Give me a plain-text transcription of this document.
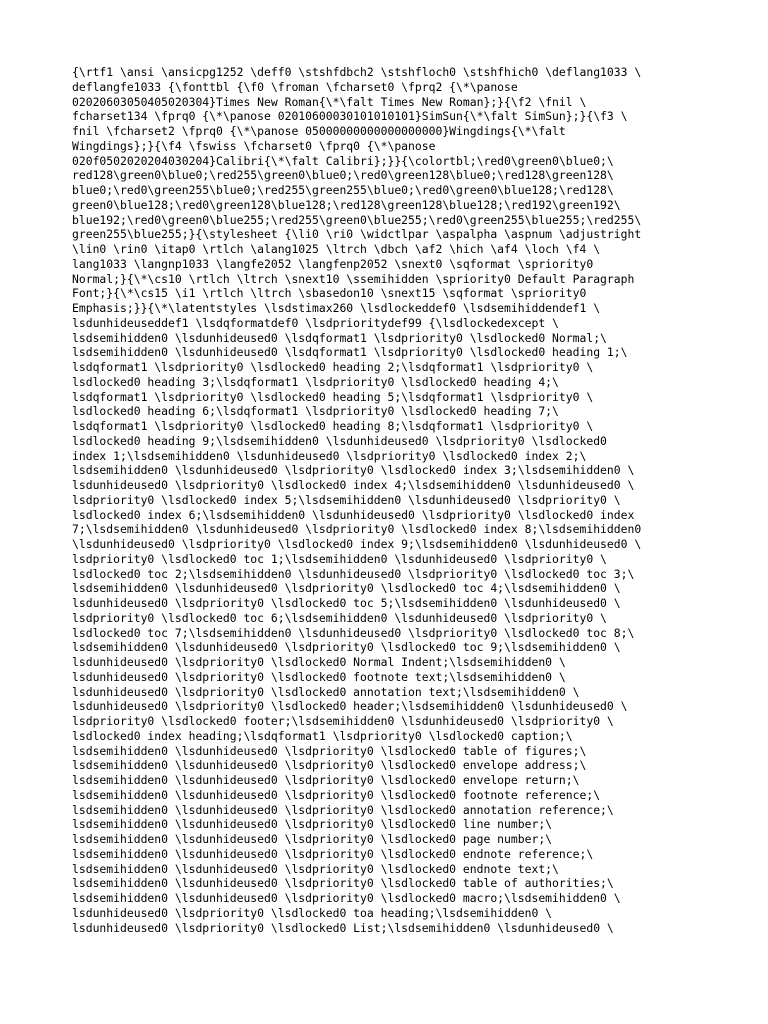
{\rtf1 \ansi \ansicpg1252 \deff0 \stshfdbch2 \stshfloch0 \stshfhich0 \deflang1033 \
deflangfe1033 {\fonttbl {\f0 \froman \fcharset0 \fprq2 {\*\panose
02020603050405020304}Times New Roman{\*\falt Times New Roman};}{\f2 \fnil \
fcharset134 \fprq0 {\*\panose 02010600030101010101}SimSun{\*\falt SimSun};}{\f3 \
fnil \fcharset2 \fprq0 {\*\panose 05000000000000000000}Wingdings{\*\falt
Wingdings};}{\f4 \fswiss \fcharset0 \fprq0 {\*\panose
020f0502020204030204}Calibri{\*\falt Calibri};}}{\colortbl;\red0\green0\blue0;\
red128\green0\blue0;\red255\green0\blue0;\red0\green128\blue0;\red128\green128\
blue0;\red0\green255\blue0;\red255\green255\blue0;\red0\green0\blue128;\red128\
green0\blue128;\red0\green128\blue128;\red128\green128\blue128;\red192\green192\
blue192;\red0\green0\blue255;\red255\green0\blue255;\red0\green255\blue255;\red255\
green255\blue255;}{\stylesheet {\li0 \ri0 \widctlpar \aspalpha \aspnum \adjustright
\lin0 \rin0 \itap0 \rtlch \alang1025 \ltrch \dbch \af2 \hich \af4 \loch \f4 \
lang1033 \langnp1033 \langfe2052 \langfenp2052 \snext0 \sqformat \spriority0
Normal;}{\*\cs10 \rtlch \ltrch \snext10 \ssemihidden \spriority0 Default Paragraph
Font;}{\*\cs15 \i1 \rtlch \ltrch \sbasedon10 \snext15 \sqformat \spriority0
Emphasis;}}{\*\latentstyles \lsdstimax260 \lsdlockeddef0 \lsdsemihiddendef1 \
lsdunhideuseddef1 \lsdqformatdef0 \lsdprioritydef99 {\lsdlockedexcept \
lsdsemihidden0 \lsdunhideused0 \lsdqformat1 \lsdpriority0 \lsdlocked0 Normal;\
lsdsemihidden0 \lsdunhideused0 \lsdqformat1 \lsdpriority0 \lsdlocked0 heading 1;\
lsdqformat1 \lsdpriority0 \lsdlocked0 heading 2;\lsdqformat1 \lsdpriority0 \
lsdlocked0 heading 3;\lsdqformat1 \lsdpriority0 \lsdlocked0 heading 4;\
lsdqformat1 \lsdpriority0 \lsdlocked0 heading 5;\lsdqformat1 \lsdpriority0 \
lsdlocked0 heading 6;\lsdqformat1 \lsdpriority0 \lsdlocked0 heading 7;\
lsdqformat1 \lsdpriority0 \lsdlocked0 heading 8;\lsdqformat1 \lsdpriority0 \
lsdlocked0 heading 9;\lsdsemihidden0 \lsdunhideused0 \lsdpriority0 \lsdlocked0
index 1;\lsdsemihidden0 \lsdunhideused0 \lsdpriority0 \lsdlocked0 index 2;\
lsdsemihidden0 \lsdunhideused0 \lsdpriority0 \lsdlocked0 index 3;\lsdsemihidden0 \
lsdunhideused0 \lsdpriority0 \lsdlocked0 index 4;\lsdsemihidden0 \lsdunhideused0 \
lsdpriority0 \lsdlocked0 index 5;\lsdsemihidden0 \lsdunhideused0 \lsdpriority0 \
lsdlocked0 index 6;\lsdsemihidden0 \lsdunhideused0 \lsdpriority0 \lsdlocked0 index
7;\lsdsemihidden0 \lsdunhideused0 \lsdpriority0 \lsdlocked0 index 8;\lsdsemihidden0
\lsdunhideused0 \lsdpriority0 \lsdlocked0 index 9;\lsdsemihidden0 \lsdunhideused0 \
lsdpriority0 \lsdlocked0 toc 1;\lsdsemihidden0 \lsdunhideused0 \lsdpriority0 \
lsdlocked0 toc 2;\lsdsemihidden0 \lsdunhideused0 \lsdpriority0 \lsdlocked0 toc 3;\
lsdsemihidden0 \lsdunhideused0 \lsdpriority0 \lsdlocked0 toc 4;\lsdsemihidden0 \
lsdunhideused0 \lsdpriority0 \lsdlocked0 toc 5;\lsdsemihidden0 \lsdunhideused0 \
lsdpriority0 \lsdlocked0 toc 6;\lsdsemihidden0 \lsdunhideused0 \lsdpriority0 \
lsdlocked0 toc 7;\lsdsemihidden0 \lsdunhideused0 \lsdpriority0 \lsdlocked0 toc 8;\
lsdsemihidden0 \lsdunhideused0 \lsdpriority0 \lsdlocked0 toc 9;\lsdsemihidden0 \
lsdunhideused0 \lsdpriority0 \lsdlocked0 Normal Indent;\lsdsemihidden0 \
lsdunhideused0 \lsdpriority0 \lsdlocked0 footnote text;\lsdsemihidden0 \
lsdunhideused0 \lsdpriority0 \lsdlocked0 annotation text;\lsdsemihidden0 \
lsdunhideused0 \lsdpriority0 \lsdlocked0 header;\lsdsemihidden0 \lsdunhideused0 \
lsdpriority0 \lsdlocked0 footer;\lsdsemihidden0 \lsdunhideused0 \lsdpriority0 \
lsdlocked0 index heading;\lsdqformat1 \lsdpriority0 \lsdlocked0 caption;\
lsdsemihidden0 \lsdunhideused0 \lsdpriority0 \lsdlocked0 table of figures;\
lsdsemihidden0 \lsdunhideused0 \lsdpriority0 \lsdlocked0 envelope address;\
lsdsemihidden0 \lsdunhideused0 \lsdpriority0 \lsdlocked0 envelope return;\
lsdsemihidden0 \lsdunhideused0 \lsdpriority0 \lsdlocked0 footnote reference;\
lsdsemihidden0 \lsdunhideused0 \lsdpriority0 \lsdlocked0 annotation reference;\
lsdsemihidden0 \lsdunhideused0 \lsdpriority0 \lsdlocked0 line number;\
lsdsemihidden0 \lsdunhideused0 \lsdpriority0 \lsdlocked0 page number;\
lsdsemihidden0 \lsdunhideused0 \lsdpriority0 \lsdlocked0 endnote reference;\
lsdsemihidden0 \lsdunhideused0 \lsdpriority0 \lsdlocked0 endnote text;\
lsdsemihidden0 \lsdunhideused0 \lsdpriority0 \lsdlocked0 table of authorities;\
lsdsemihidden0 \lsdunhideused0 \lsdpriority0 \lsdlocked0 macro;\lsdsemihidden0 \
lsdunhideused0 \lsdpriority0 \lsdlocked0 toa heading;\lsdsemihidden0 \
lsdunhideused0 \lsdpriority0 \lsdlocked0 List;\lsdsemihidden0 \lsdunhideused0 \
